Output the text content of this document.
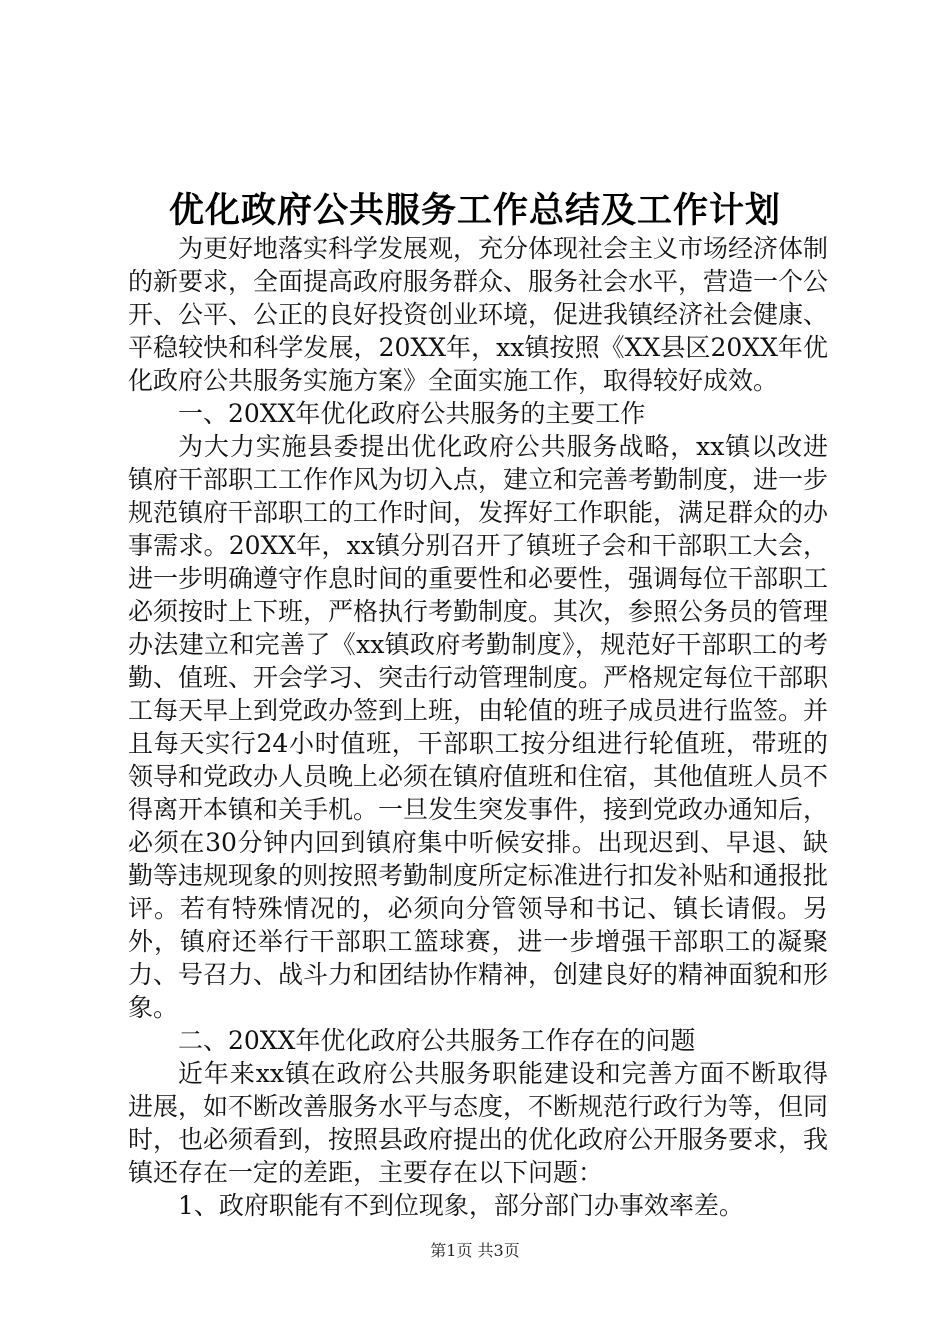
优化政府公共服务工作总结及工作计划

为更好地落实科学发展观，充分体现社会主义市场经济体制的新要求，全面提高政府服务群众、服务社会水平，营造一个公开、公平、公正的良好投资创业环境，促进我镇经济社会健康、平稳较快和科学发展，20XX年，xx镇按照《XX县区20XX年优化政府公共服务实施方案》全面实施工作，取得较好成效。

一、20XX年优化政府公共服务的主要工作

为大力实施县委提出优化政府公共服务战略，xx镇以改进镇府干部职工工作作风为切入点，建立和完善考勤制度，进一步规范镇府干部职工的工作时间，发挥好工作职能，满足群众的办事需求。20XX年，xx镇分别召开了镇班子会和干部职工大会，进一步明确遵守作息时间的重要性和必要性，强调每位干部职工必须按时上下班，严格执行考勤制度。其次，参照公务员的管理办法建立和完善了《xx镇政府考勤制度》，规范好干部职工的考勤、值班、开会学习、突击行动管理制度。严格规定每位干部职工每天早上到党政办签到上班，由轮值的班子成员进行监签。并且每天实行24小时值班，干部职工按分组进行轮值班，带班的领导和党政办人员晚上必须在镇府值班和住宿，其他值班人员不得离开本镇和关手机。一旦发生突发事件，接到党政办通知后，必须在30分钟内回到镇府集中听候安排。出现迟到、早退、缺勤等违规现象的则按照考勤制度所定标准进行扣发补贴和通报批评。若有特殊情况的，必须向分管领导和书记、镇长请假。另外，镇府还举行干部职工篮球赛，进一步增强干部职工的凝聚力、号召力、战斗力和团结协作精神，创建良好的精神面貌和形象。

二、20XX年优化政府公共服务工作存在的问题

近年来xx镇在政府公共服务职能建设和完善方面不断取得进展，如不断改善服务水平与态度，不断规范行政行为等，但同时，也必须看到，按照县政府提出的优化政府公开服务要求，我镇还存在一定的差距，主要存在以下问题：

1、政府职能有不到位现象，部分部门办事效率差。

第1页 共3页
